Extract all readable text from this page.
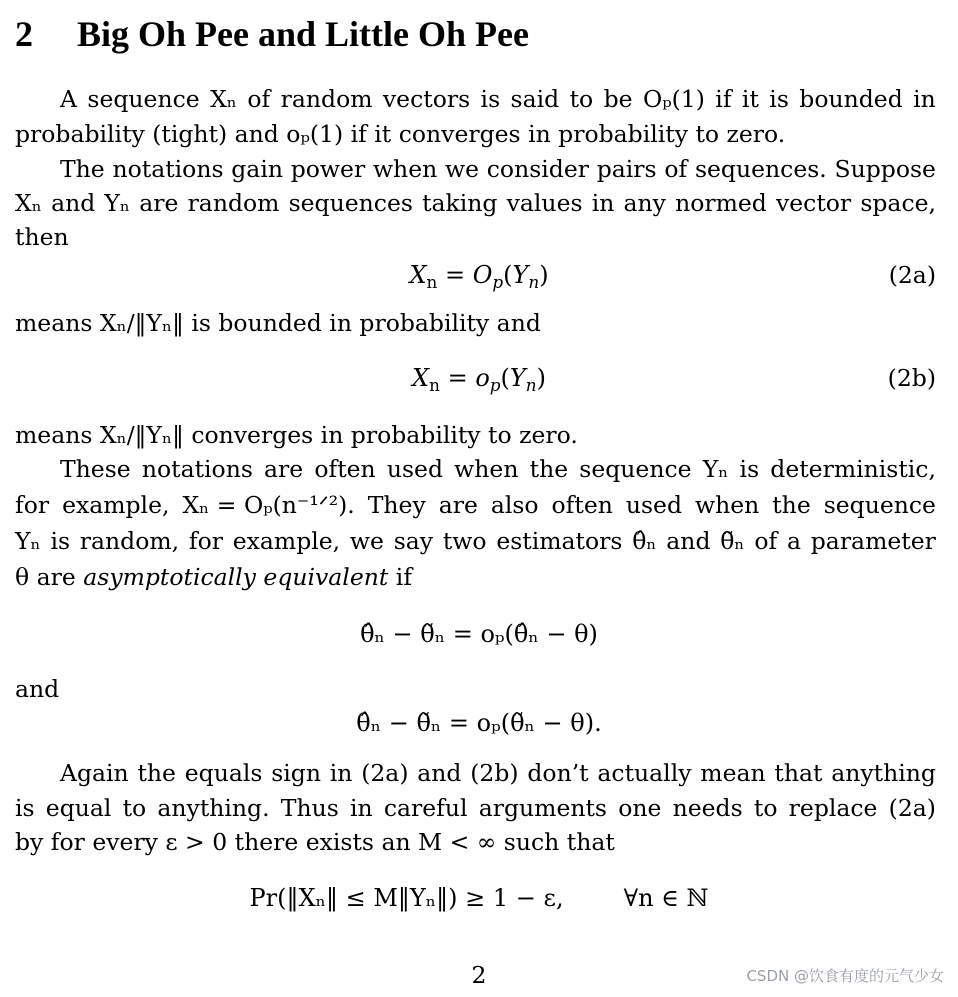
2 Big Oh Pee and Little Oh Pee
A sequence Xₙ of random vectors is said to be Oₚ(1) if it is bounded in
probability (tight) and oₚ(1) if it converges in probability to zero.
The notations gain power when we consider pairs of sequences. Suppose
Xₙ and Yₙ are random sequences taking values in any normed vector space,
then
$X_n = O_p(Y_n)$	(2a)
means Xₙ/‖Yₙ‖ is bounded in probability and
$X_n = o_p(Y_n)$	(2b)
means Xₙ/‖Yₙ‖ converges in probability to zero.
These notations are often used when the sequence Yₙ is deterministic,
for example, Xₙ = Oₚ(n⁻¹ᐟ²). They are also often used when the sequence
Yₙ is random, for example, we say two estimators θ̂ₙ and θ̃ₙ of a parameter
θ are asymptotically equivalent if
θ̂ₙ − θ̃ₙ = oₚ(θ̂ₙ − θ)
and
θ̂ₙ − θ̃ₙ = oₚ(θ̃ₙ − θ).
Again the equals sign in (2a) and (2b) don’t actually mean that anything
is equal to anything. Thus in careful arguments one needs to replace (2a)
by for every ε > 0 there exists an M < ∞ such that
Pr(‖Xₙ‖ ≤ M‖Yₙ‖) ≥ 1 − ε,	∀n ∈ ℕ
2	CSDN @饮食有度的元气少女
